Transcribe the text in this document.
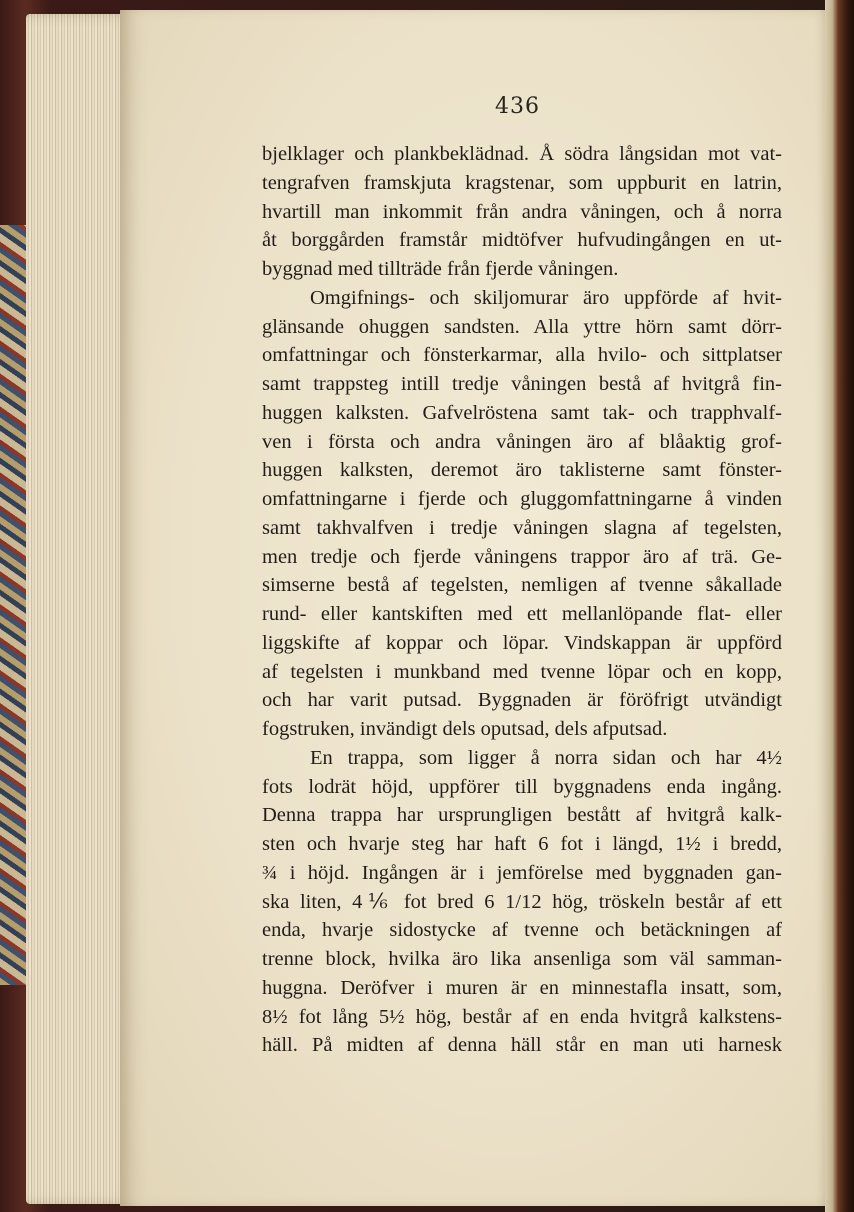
436
bjelklager och plankbeklädnad. Å södra långsidan mot vat-
tengrafven framskjuta kragstenar, som uppburit en latrin,
hvartill man inkommit från andra våningen, och å norra
åt borggården framstår midtöfver hufvudingången en ut-
byggnad med tillträde från fjerde våningen.
Omgifnings- och skiljomurar äro uppförde af hvit-
glänsande ohuggen sandsten. Alla yttre hörn samt dörr-
omfattningar och fönsterkarmar, alla hvilo- och sittplatser
samt trappsteg intill tredje våningen bestå af hvitgrå fin-
huggen kalksten. Gafvelröstena samt tak- och trapphvalf-
ven i första och andra våningen äro af blåaktig grof-
huggen kalksten, deremot äro taklisterne samt fönster-
omfattningarne i fjerde och gluggomfattningarne å vinden
samt takhvalfven i tredje våningen slagna af tegelsten,
men tredje och fjerde våningens trappor äro af trä. Ge-
simserne bestå af tegelsten, nemligen af tvenne såkallade
rund- eller kantskiften med ett mellanlöpande flat- eller
liggskifte af koppar och löpar. Vindskappan är uppförd
af tegelsten i munkband med tvenne löpar och en kopp,
och har varit putsad. Byggnaden är föröfrigt utvändigt
fogstruken, invändigt dels oputsad, dels afputsad.
En trappa, som ligger å norra sidan och har 4½
fots lodrät höjd, uppförer till byggnadens enda ingång.
Denna trappa har ursprungligen bestått af hvitgrå kalk-
sten och hvarje steg har haft 6 fot i längd, 1½ i bredd,
¾ i höjd. Ingången är i jemförelse med byggnaden gan-
ska liten, 4⅙ fot bred 6 1/12 hög, tröskeln består af ett
enda, hvarje sidostycke af tvenne och betäckningen af
trenne block, hvilka äro lika ansenliga som väl samman-
huggna. Deröfver i muren är en minnestafla insatt, som,
8½ fot lång 5½ hög, består af en enda hvitgrå kalkstens-
häll. På midten af denna häll står en man uti harnesk
